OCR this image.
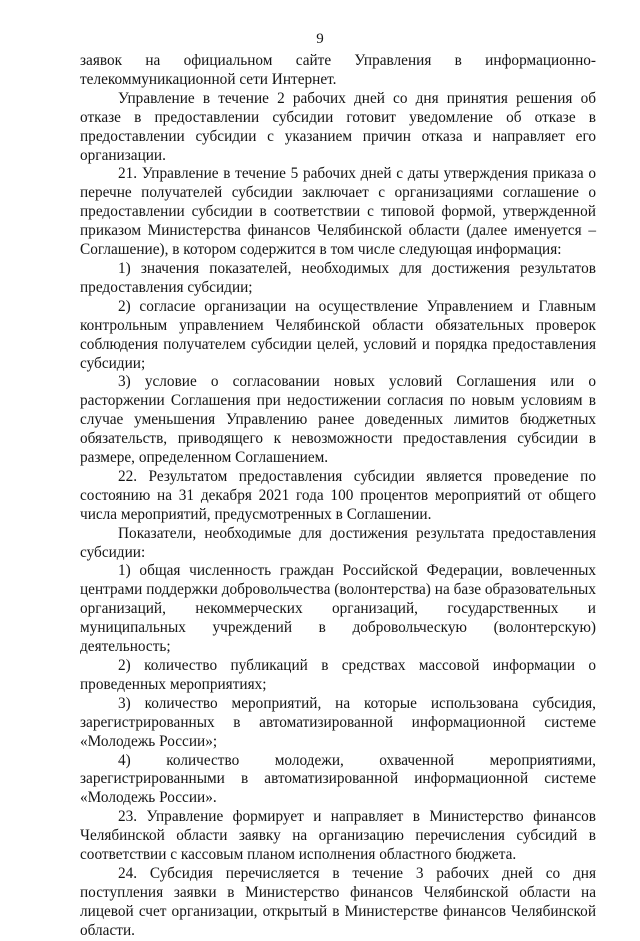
9

заявок на официальном сайте Управления в информационно-телекоммуникационной сети Интернет.

Управление в течение 2 рабочих дней со дня принятия решения об отказе в предоставлении субсидии готовит уведомление об отказе в предоставлении субсидии с указанием причин отказа и направляет его организации.

21. Управление в течение 5 рабочих дней с даты утверждения приказа о перечне получателей субсидии заключает с организациями соглашение о предоставлении субсидии в соответствии с типовой формой, утвержденной приказом Министерства финансов Челябинской области (далее именуется – Соглашение), в котором содержится в том числе следующая информация:

1) значения показателей, необходимых для достижения результатов предоставления субсидии;

2) согласие организации на осуществление Управлением и Главным контрольным управлением Челябинской области обязательных проверок соблюдения получателем субсидии целей, условий и порядка предоставления субсидии;

3) условие о согласовании новых условий Соглашения или о расторжении Соглашения при недостижении согласия по новым условиям в случае уменьшения Управлению ранее доведенных лимитов бюджетных обязательств, приводящего к невозможности предоставления субсидии в размере, определенном Соглашением.

22. Результатом предоставления субсидии является проведение по состоянию на 31 декабря 2021 года 100 процентов мероприятий от общего числа мероприятий, предусмотренных в Соглашении.

Показатели, необходимые для достижения результата предоставления субсидии:

1) общая численность граждан Российской Федерации, вовлеченных центрами поддержки добровольчества (волонтерства) на базе образовательных организаций, некоммерческих организаций, государственных и муниципальных учреждений в добровольческую (волонтерскую) деятельность;

2) количество публикаций в средствах массовой информации о проведенных мероприятиях;

3) количество мероприятий, на которые использована субсидия, зарегистрированных в автоматизированной информационной системе «Молодежь России»;

4) количество молодежи, охваченной мероприятиями, зарегистрированными в автоматизированной информационной системе «Молодежь России».

23. Управление формирует и направляет в Министерство финансов Челябинской области заявку на организацию перечисления субсидий в соответствии с кассовым планом исполнения областного бюджета.

24. Субсидия перечисляется в течение 3 рабочих дней со дня поступления заявки в Министерство финансов Челябинской области на лицевой счет организации, открытый в Министерстве финансов Челябинской области.
